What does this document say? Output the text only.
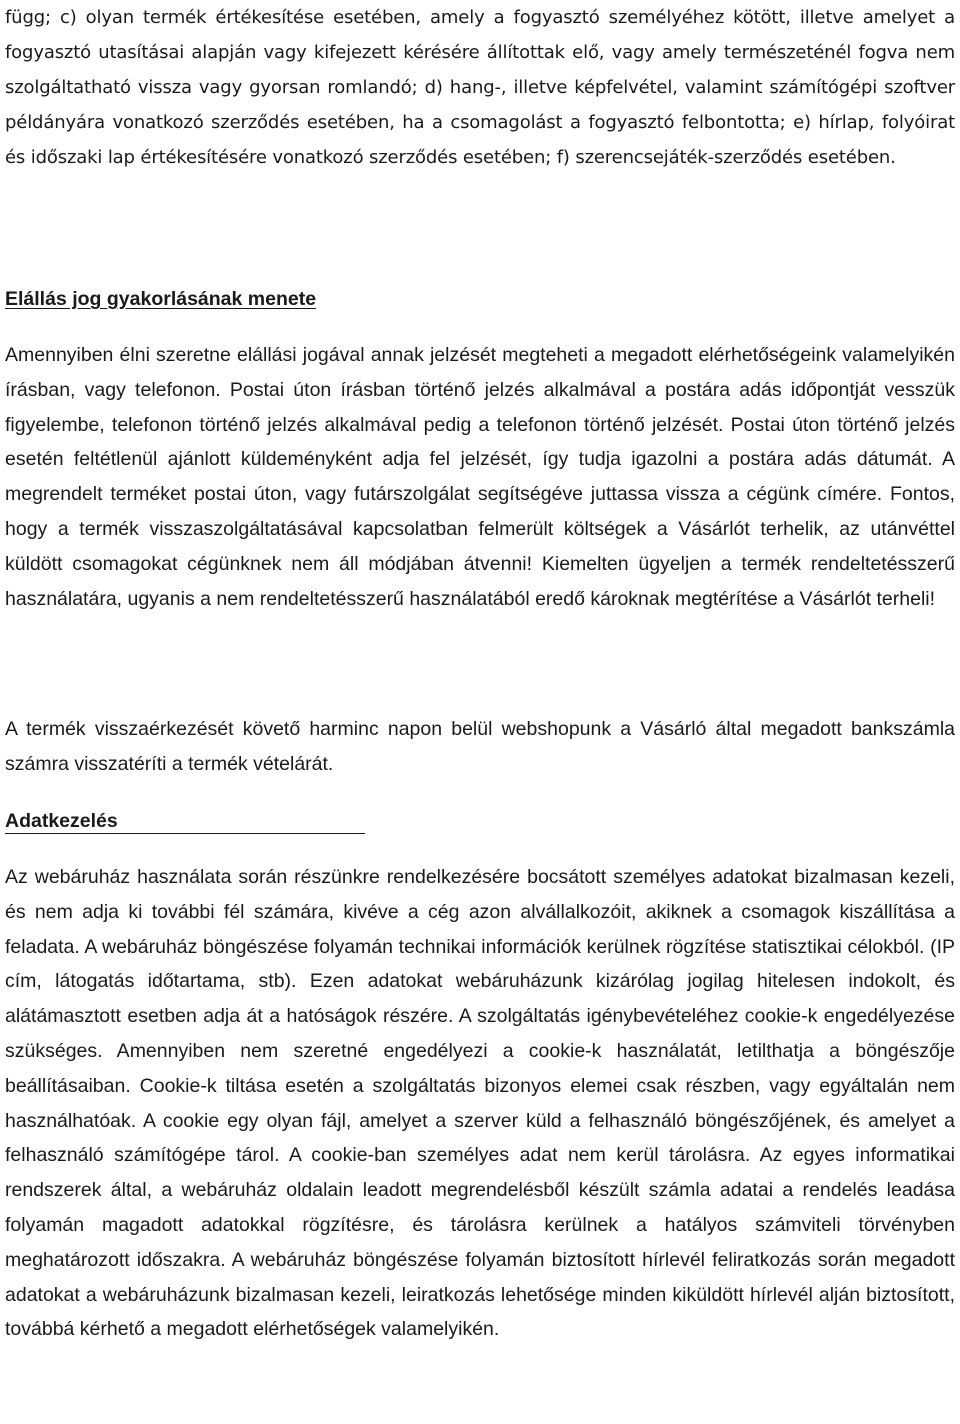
függ; c) olyan termék értékesítése esetében, amely a fogyasztó személyéhez kötött, illetve amelyet a fogyasztó utasításai alapján vagy kifejezett kérésére állítottak elő, vagy amely természeténél fogva nem szolgáltatható vissza vagy gyorsan romlandó; d) hang-, illetve képfelvétel, valamint számítógépi szoftver példányára vonatkozó szerződés esetében, ha a csomagolást a fogyasztó felbontotta; e) hírlap, folyóirat és időszaki lap értékesítésére vonatkozó szerződés esetében; f) szerencsejáték-szerződés esetében.

Elállás jog gyakorlásának menete

Amennyiben élni szeretne elállási jogával annak jelzését megteheti a megadott elérhetőségeink valamelyikén írásban, vagy telefonon. Postai úton írásban történő jelzés alkalmával a postára adás időpontját vesszük figyelembe, telefonon történő jelzés alkalmával pedig a telefonon történő jelzését. Postai úton történő jelzés esetén feltétlenül ajánlott küldeményként adja fel jelzését, így tudja igazolni a postára adás dátumát. A megrendelt terméket postai úton, vagy futárszolgálat segítségéve juttassa vissza a cégünk címére. Fontos, hogy a termék visszaszolgáltatásával kapcsolatban felmerült költségek a Vásárlót terhelik, az utánvéttel küldött csomagokat cégünknek nem áll módjában átvenni! Kiemelten ügyeljen a termék rendeltetésszerű használatára, ugyanis a nem rendeltetésszerű használatából eredő károknak megtérítése a Vásárlót terheli!

A termék visszaérkezését követő harminc napon belül webshopunk a Vásárló által megadott bankszámla számra visszatéríti a termék vételárát.

Adatkezelés

Az webáruház használata során részünkre rendelkezésére bocsátott személyes adatokat bizalmasan kezeli, és nem adja ki további fél számára, kivéve a cég azon alvállalkozóit, akiknek a csomagok kiszállítása a feladata. A webáruház böngészése folyamán technikai információk kerülnek rögzítése statisztikai célokból. (IP cím, látogatás időtartama, stb). Ezen adatokat webáruházunk kizárólag jogilag hitelesen indokolt, és alátámasztott esetben adja át a hatóságok részére. A szolgáltatás igénybevételéhez cookie-k engedélyezése szükséges. Amennyiben nem szeretné engedélyezi a cookie-k használatát, letilthatja a böngészője beállításaiban. Cookie-k tiltása esetén a szolgáltatás bizonyos elemei csak részben, vagy egyáltalán nem használhatóak. A cookie egy olyan fájl, amelyet a szerver küld a felhasználó böngészőjének, és amelyet a felhasználó számítógépe tárol. A cookie-ban személyes adat nem kerül tárolásra. Az egyes informatikai rendszerek által, a webáruház oldalain leadott megrendelésből készült számla adatai a rendelés leadása folyamán magadott adatokkal rögzítésre, és tárolásra kerülnek a hatályos számviteli törvényben meghatározott időszakra. A webáruház böngészése folyamán biztosított hírlevél feliratkozás során megadott adatokat a webáruházunk bizalmasan kezeli, leiratkozás lehetősége minden kiküldött hírlevél alján biztosított, továbbá kérhető a megadott elérhetőségek valamelyikén.
